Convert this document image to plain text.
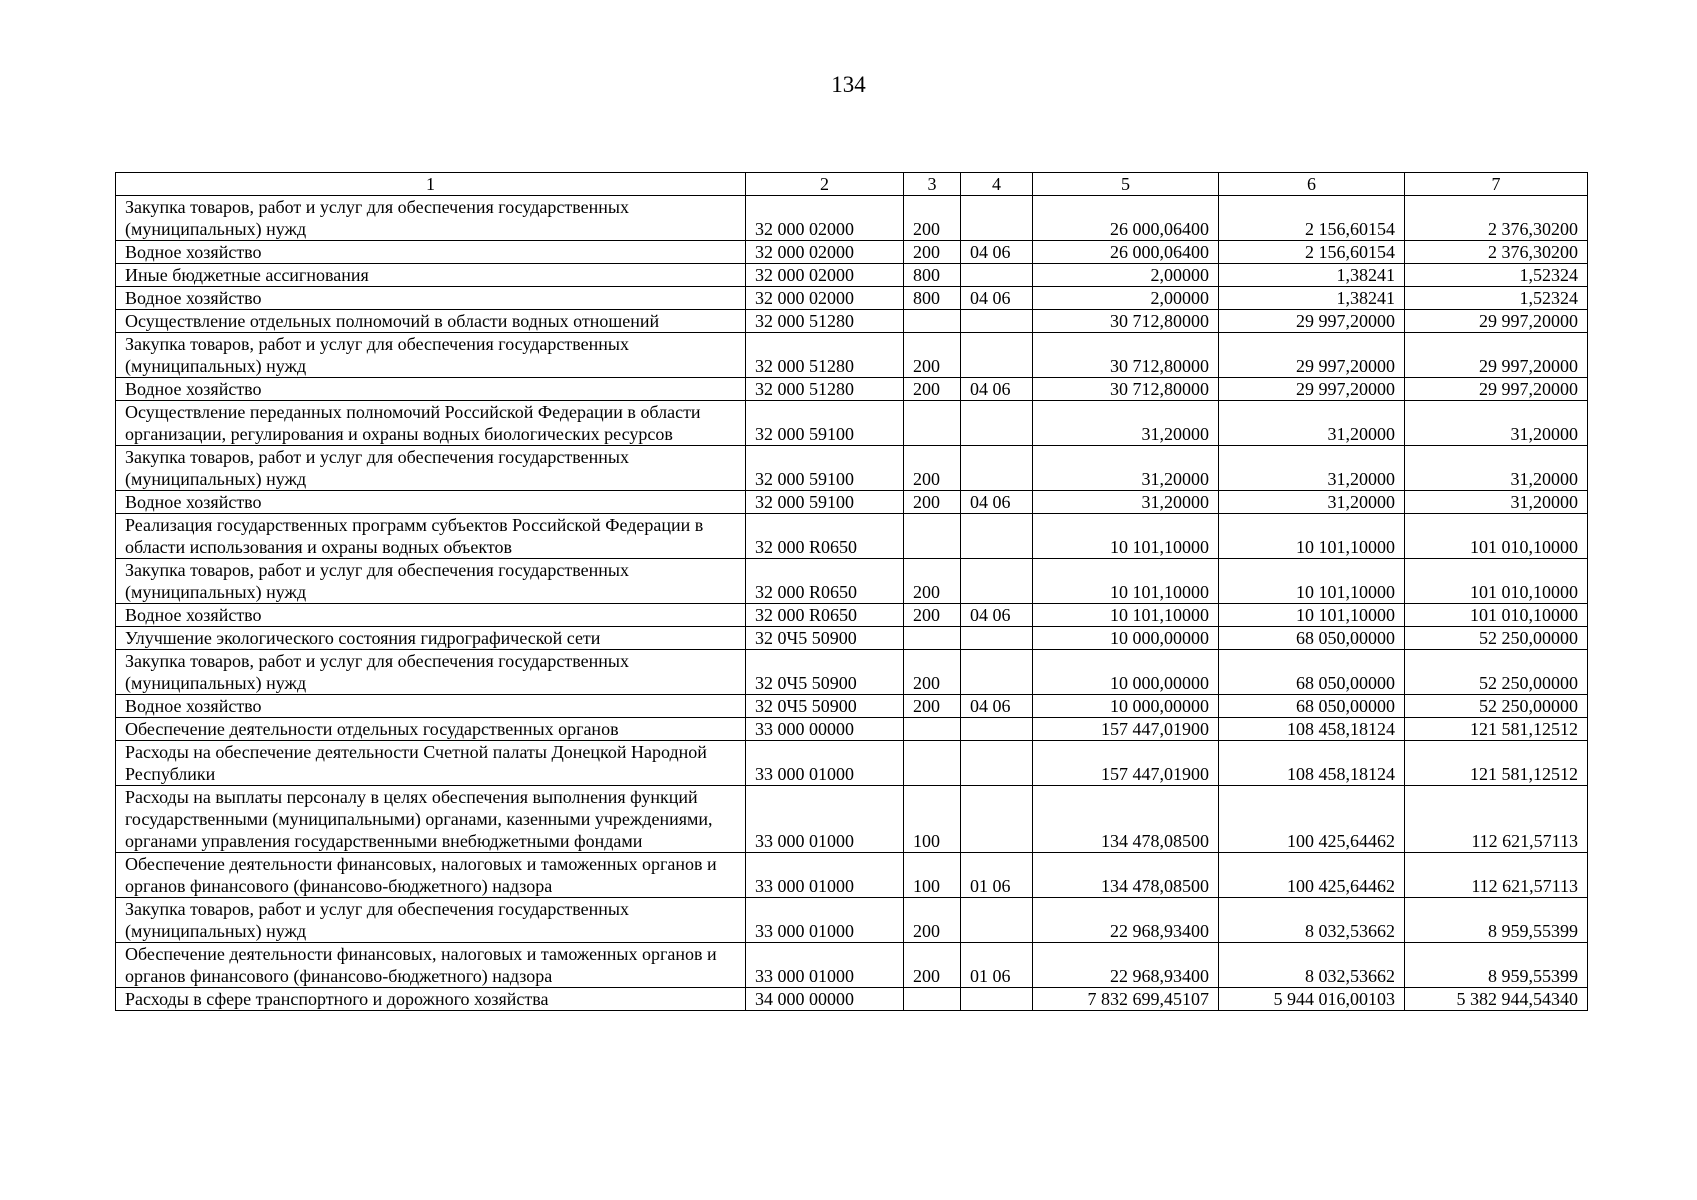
134
1	2	3	4	5	6	7
Закупка товаров, работ и услуг для обеспечения государственных (муниципальных) нужд	32 000 02000	200		26 000,06400	2 156,60154	2 376,30200
Водное хозяйство	32 000 02000	200	04 06	26 000,06400	2 156,60154	2 376,30200
Иные бюджетные ассигнования	32 000 02000	800		2,00000	1,38241	1,52324
Водное хозяйство	32 000 02000	800	04 06	2,00000	1,38241	1,52324
Осуществление отдельных полномочий в области водных отношений	32 000 51280			30 712,80000	29 997,20000	29 997,20000
Закупка товаров, работ и услуг для обеспечения государственных (муниципальных) нужд	32 000 51280	200		30 712,80000	29 997,20000	29 997,20000
Водное хозяйство	32 000 51280	200	04 06	30 712,80000	29 997,20000	29 997,20000
Осуществление переданных полномочий Российской Федерации в области организации, регулирования и охраны водных биологических ресурсов	32 000 59100			31,20000	31,20000	31,20000
Закупка товаров, работ и услуг для обеспечения государственных (муниципальных) нужд	32 000 59100	200		31,20000	31,20000	31,20000
Водное хозяйство	32 000 59100	200	04 06	31,20000	31,20000	31,20000
Реализация государственных программ субъектов Российской Федерации в области использования и охраны водных объектов	32 000 R0650			10 101,10000	10 101,10000	101 010,10000
Закупка товаров, работ и услуг для обеспечения государственных (муниципальных) нужд	32 000 R0650	200		10 101,10000	10 101,10000	101 010,10000
Водное хозяйство	32 000 R0650	200	04 06	10 101,10000	10 101,10000	101 010,10000
Улучшение экологического состояния гидрографической сети	32 0Ч5 50900			10 000,00000	68 050,00000	52 250,00000
Закупка товаров, работ и услуг для обеспечения государственных (муниципальных) нужд	32 0Ч5 50900	200		10 000,00000	68 050,00000	52 250,00000
Водное хозяйство	32 0Ч5 50900	200	04 06	10 000,00000	68 050,00000	52 250,00000
Обеспечение деятельности отдельных государственных органов	33 000 00000			157 447,01900	108 458,18124	121 581,12512
Расходы на обеспечение деятельности Счетной палаты Донецкой Народной Республики	33 000 01000			157 447,01900	108 458,18124	121 581,12512
Расходы на выплаты персоналу в целях обеспечения выполнения функций государственными (муниципальными) органами, казенными учреждениями, органами управления государственными внебюджетными фондами	33 000 01000	100		134 478,08500	100 425,64462	112 621,57113
Обеспечение деятельности финансовых, налоговых и таможенных органов и органов финансового (финансово-бюджетного) надзора	33 000 01000	100	01 06	134 478,08500	100 425,64462	112 621,57113
Закупка товаров, работ и услуг для обеспечения государственных (муниципальных) нужд	33 000 01000	200		22 968,93400	8 032,53662	8 959,55399
Обеспечение деятельности финансовых, налоговых и таможенных органов и органов финансового (финансово-бюджетного) надзора	33 000 01000	200	01 06	22 968,93400	8 032,53662	8 959,55399
Расходы в сфере транспортного и дорожного хозяйства	34 000 00000			7 832 699,45107	5 944 016,00103	5 382 944,54340
